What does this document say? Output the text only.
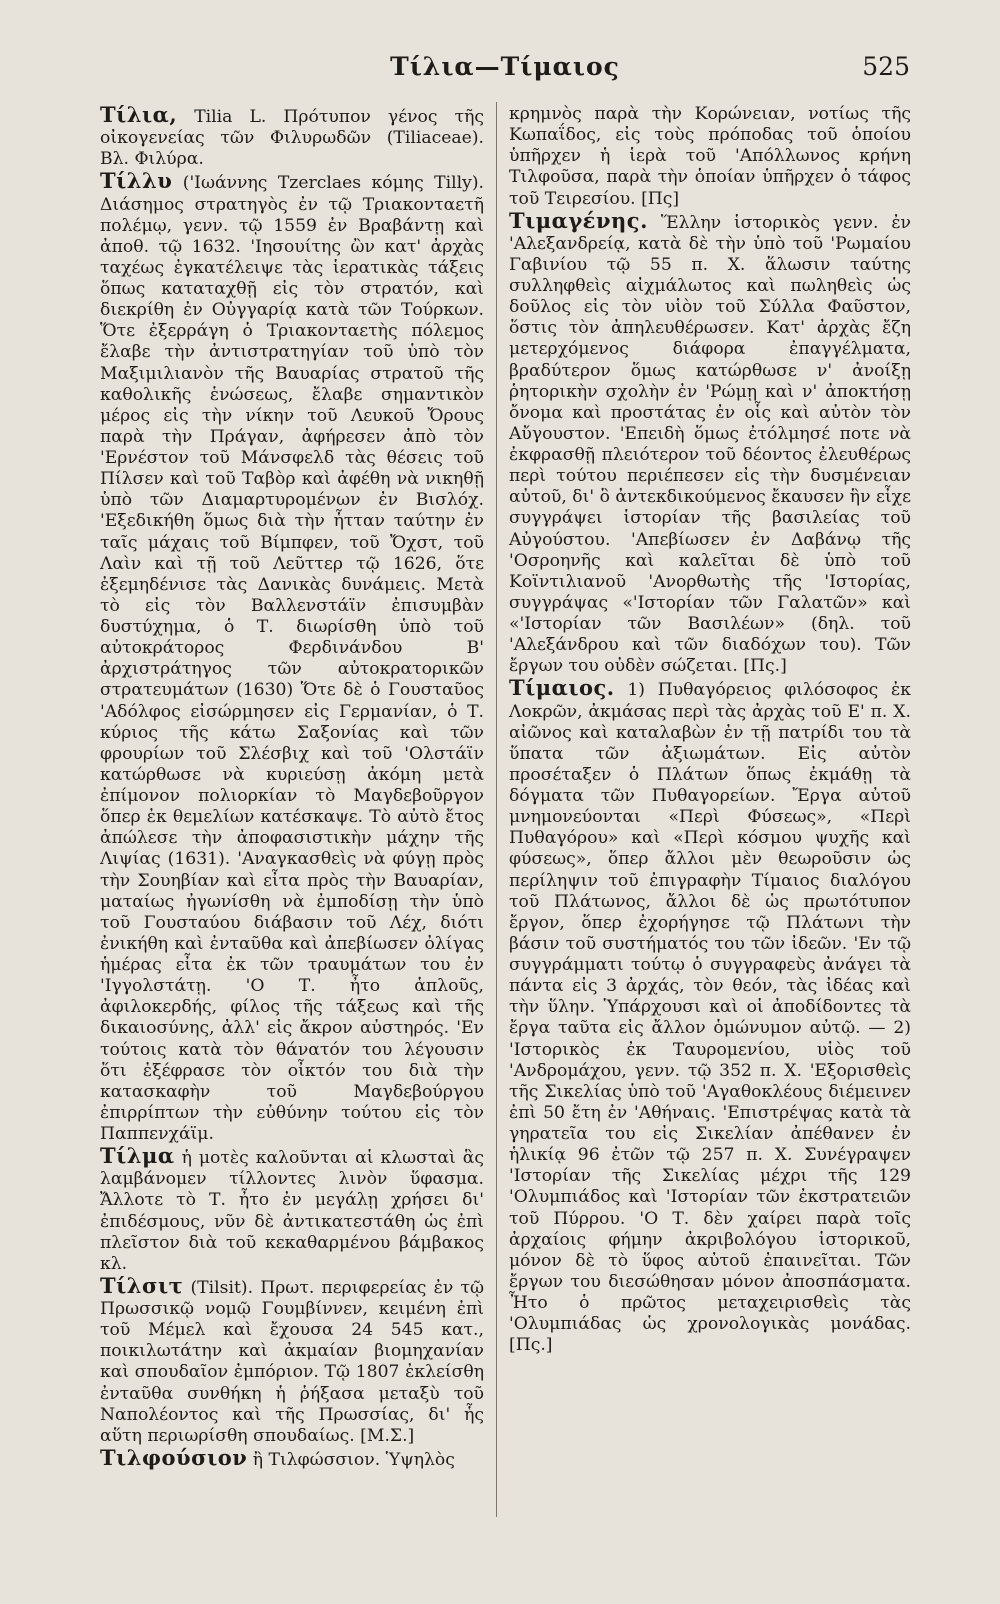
Τίλια—Τίμαιος	525

Τίλια, Tilia L. Πρότυπον γένος τῆς οἰκογενείας τῶν Φιλυρωδῶν (Tiliaceae). Βλ. Φιλύρα.

Τίλλυ ('Ιωάννης Tzerclaes κόμης Tilly). Διάσημος στρατηγὸς ἐν τῷ Τριακονταετῆ πολέμῳ, γενν. τῷ 1559 ἐν Βραβάντῃ καὶ ἀποθ. τῷ 1632. 'Ιησουίτης ὢν κατ' ἀρχὰς ταχέως ἐγκατέλειψε τὰς ἱερατικὰς τάξεις ὅπως καταταχθῇ εἰς τὸν στρατόν, καὶ διεκρίθη ἐν Οὐγγαρίᾳ κατὰ τῶν Τούρκων. Ὅτε ἐξερράγη ὁ Τριακονταετὴς πόλεμος ἔλαβε τὴν ἀντιστρατηγίαν τοῦ ὑπὸ τὸν Μαξιμιλιανὸν τῆς Βαυαρίας στρατοῦ τῆς καθολικῆς ἑνώσεως, ἔλαβε σημαντικὸν μέρος εἰς τὴν νίκην τοῦ Λευκοῦ Ὄρους παρὰ τὴν Πράγαν, ἀφήρεσεν ἀπὸ τὸν 'Ερνέστον τοῦ Μάνσφελδ τὰς θέσεις τοῦ Πίλσεν καὶ τοῦ Ταβὸρ καὶ ἀφέθη νὰ νικηθῇ ὑπὸ τῶν Διαμαρτυρομένων ἐν Βισλόχ. 'Εξεδικήθη ὅμως διὰ τὴν ἧτταν ταύτην ἐν ταῖς μάχαις τοῦ Βίμπφεν, τοῦ Ὄχστ, τοῦ Λαὶν καὶ τῇ τοῦ Λεῦττερ τῷ 1626, ὅτε ἐξεμηδένισε τὰς Δανικὰς δυνάμεις. Μετὰ τὸ εἰς τὸν Βαλλενστάϊν ἐπισυμβὰν δυστύχημα, ὁ Τ. διωρίσθη ὑπὸ τοῦ αὐτοκράτορος Φερδινάνδου Β' ἀρχιστράτηγος τῶν αὐτοκρατορικῶν στρατευμάτων (1630) Ὅτε δὲ ὁ Γουσταῦος 'Αδόλφος εἰσώρμησεν εἰς Γερμανίαν, ὁ Τ. κύριος τῆς κάτω Σαξονίας καὶ τῶν φρουρίων τοῦ Σλέσβιχ καὶ τοῦ 'Ολστάϊν κατώρθωσε νὰ κυριεύσῃ ἀκόμη μετὰ ἐπίμονον πολιορκίαν τὸ Μαγδεβοῦργον ὅπερ ἐκ θεμελίων κατέσκαψε. Τὸ αὐτὸ ἔτος ἀπώλεσε τὴν ἀποφασιστικὴν μάχην τῆς Λιψίας (1631). 'Αναγκασθεὶς νὰ φύγῃ πρὸς τὴν Σουηβίαν καὶ εἶτα πρὸς τὴν Βαυαρίαν, ματαίως ἠγωνίσθη νὰ ἐμποδίσῃ τὴν ὑπὸ τοῦ Γουσταύου διάβασιν τοῦ Λέχ, διότι ἐνικήθη καὶ ἐνταῦθα καὶ ἀπεβίωσεν ὀλίγας ἡμέρας εἶτα ἐκ τῶν τραυμάτων του ἐν 'Ιγγολστάτῃ. 'Ο Τ. ἦτο ἁπλοῦς, ἀφιλοκερδής, φίλος τῆς τάξεως καὶ τῆς δικαιοσύνης, ἀλλ' εἰς ἄκρον αὐστηρός. 'Εν τούτοις κατὰ τὸν θάνατόν του λέγουσιν ὅτι ἐξέφρασε τὸν οἶκτόν του διὰ τὴν κατασκαφὴν τοῦ Μαγδεβούργου ἐπιρρίπτων τὴν εὐθύνην τούτου εἰς τὸν Παππενχάϊμ.

Τίλμα ἡ μοτὲς καλοῦνται αἱ κλωσταὶ ἃς λαμβάνομεν τίλλοντες λινὸν ὕφασμα. Ἄλλοτε τὸ Τ. ἦτο ἐν μεγάλῃ χρήσει δι' ἐπιδέσμους, νῦν δὲ ἀντικατεστάθη ὡς ἐπὶ πλεῖστον διὰ τοῦ κεκαθαρμένου βάμβακος κλ.

Τίλσιτ (Tilsit). Πρωτ. περιφερείας ἐν τῷ Πρωσσικῷ νομῷ Γουμβίννεν, κειμένη ἐπὶ τοῦ Μέμελ καὶ ἔχουσα 24 545 κατ., ποικιλωτάτην καὶ ἀκμαίαν βιομηχανίαν καὶ σπουδαῖον ἐμπόριον. Τῷ 1807 ἐκλείσθη ἐνταῦθα συνθήκη ἡ ῥήξασα μεταξὺ τοῦ Ναπολέοντος καὶ τῆς Πρωσσίας, δι' ἧς αὕτη περιωρίσθη σπουδαίως. [M.Σ.]

Τιλφούσιον ἢ Τιλφώσσιον. Ὑψηλὸς

κρημνὸς παρὰ τὴν Κορώνειαν, νοτίως τῆς Κωπαΐδος, εἰς τοὺς πρόποδας τοῦ ὁποίου ὑπῆρχεν ἡ ἱερὰ τοῦ 'Απόλλωνος κρήνη Τιλφοῦσα, παρὰ τὴν ὁποίαν ὑπῆρχεν ὁ τάφος τοῦ Τειρεσίου. [Πς]

Τιμαγένης. Ἕλλην ἱστορικὸς γενν. ἐν 'Αλεξανδρείᾳ, κατὰ δὲ τὴν ὑπὸ τοῦ 'Ρωμαίου Γαβινίου τῷ 55 π. Χ. ἅλωσιν ταύτης συλληφθεὶς αἰχμάλωτος καὶ πωληθεὶς ὡς δοῦλος εἰς τὸν υἱὸν τοῦ Σύλλα Φαῦστον, ὅστις τὸν ἀπηλευθέρωσεν. Κατ' ἀρχὰς ἔζη μετερχόμενος διάφορα ἐπαγγέλματα, βραδύτερον ὅμως κατώρθωσε ν' ἀνοίξῃ ῥητορικὴν σχολὴν ἐν 'Ρώμῃ καὶ ν' ἀποκτήσῃ ὄνομα καὶ προστάτας ἐν οἷς καὶ αὐτὸν τὸν Αὔγουστον. 'Επειδὴ ὅμως ἐτόλμησέ ποτε νὰ ἐκφρασθῇ πλειότερον τοῦ δέοντος ἐλευθέρως περὶ τούτου περιέπεσεν εἰς τὴν δυσμένειαν αὐτοῦ, δι' ὃ ἀντεκδικούμενος ἔκαυσεν ἣν εἶχε συγγράψει ἱστορίαν τῆς βασιλείας τοῦ Αὐγούστου. 'Απεβίωσεν ἐν Δαβάνῳ τῆς 'Οσροηνῆς καὶ καλεῖται δὲ ὑπὸ τοῦ Κοϊντιλιανοῦ 'Ανορθωτὴς τῆς 'Ιστορίας, συγγράψας «'Ιστορίαν τῶν Γαλατῶν» καὶ «'Ιστορίαν τῶν Βασιλέων» (δηλ. τοῦ 'Αλεξάνδρου καὶ τῶν διαδόχων του). Τῶν ἔργων του οὐδὲν σώζεται. [Πς.]

Τίμαιος. 1) Πυθαγόρειος φιλόσοφος ἐκ Λοκρῶν, ἀκμάσας περὶ τὰς ἀρχὰς τοῦ Ε' π. Χ. αἰῶνος καὶ καταλαβὼν ἐν τῇ πατρίδι του τὰ ὕπατα τῶν ἀξιωμάτων. Εἰς αὐτὸν προσέταξεν ὁ Πλάτων ὅπως ἐκμάθῃ τὰ δόγματα τῶν Πυθαγορείων. Ἔργα αὐτοῦ μνημονεύονται «Περὶ Φύσεως», «Περὶ Πυθαγόρου» καὶ «Περὶ κόσμου ψυχῆς καὶ φύσεως», ὅπερ ἄλλοι μὲν θεωροῦσιν ὡς περίληψιν τοῦ ἐπιγραφὴν Τίμαιος διαλόγου τοῦ Πλάτωνος, ἄλλοι δὲ ὡς πρωτότυπον ἔργον, ὅπερ ἐχορήγησε τῷ Πλάτωνι τὴν βάσιν τοῦ συστήματός του τῶν ἰδεῶν. 'Εν τῷ συγγράμματι τούτῳ ὁ συγγραφεὺς ἀνάγει τὰ πάντα εἰς 3 ἀρχάς, τὸν θεόν, τὰς ἰδέας καὶ τὴν ὕλην. Ὑπάρχουσι καὶ οἱ ἀποδίδοντες τὰ ἔργα ταῦτα εἰς ἄλλον ὁμώνυμον αὐτῷ. — 2) 'Ιστορικὸς ἐκ Ταυρομενίου, υἱὸς τοῦ 'Ανδρομάχου, γενν. τῷ 352 π. Χ. 'Εξορισθεὶς τῆς Σικελίας ὑπὸ τοῦ 'Αγαθοκλέους διέμεινεν ἐπὶ 50 ἔτη ἐν 'Αθήναις. 'Επιστρέψας κατὰ τὰ γηρατεῖα του εἰς Σικελίαν ἀπέθανεν ἐν ἡλικίᾳ 96 ἐτῶν τῷ 257 π. Χ. Συνέγραψεν 'Ιστορίαν τῆς Σικελίας μέχρι τῆς 129 'Ολυμπιάδος καὶ 'Ιστορίαν τῶν ἐκστρατειῶν τοῦ Πύρρου. 'Ο Τ. δὲν χαίρει παρὰ τοῖς ἀρχαίοις φήμην ἀκριβολόγου ἱστορικοῦ, μόνον δὲ τὸ ὕφος αὐτοῦ ἐπαινεῖται. Τῶν ἔργων του διεσώθησαν μόνον ἀποσπάσματα. Ἦτο ὁ πρῶτος μεταχειρισθεὶς τὰς 'Ολυμπιάδας ὡς χρονολογικὰς μονάδας. [Πς.]
